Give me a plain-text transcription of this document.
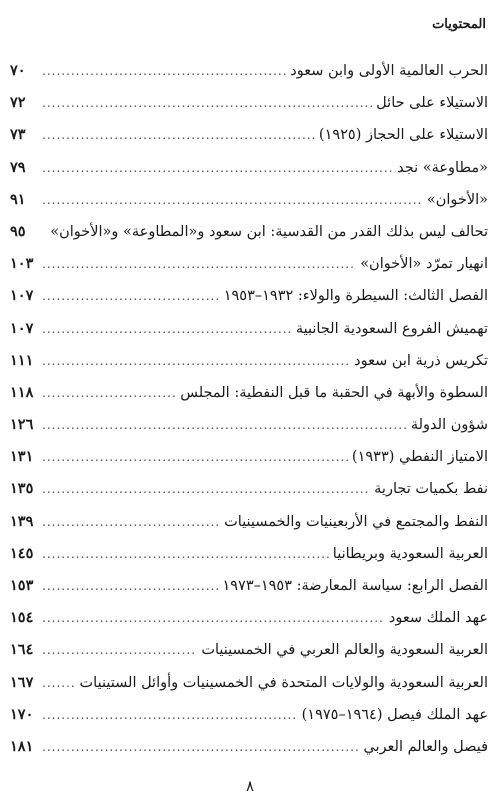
المحتويات
الحرب العالمية الأولى وابن سعود
.....
٧٠
الاستيلاء على حائل
.....
٧٢
الاستيلاء على الحجاز (١٩٢٥)
.....
٧٣
«مطاوعة» نجد
.....
٧٩
«الأخوان»
.....
٩١
تحالف ليس بذلك القدر من القدسية: ابن سعود و«المطاوعة» و«الأخوان»
٩٥
انهيار تمرّد «الأخوان»
.....
١٠٣
الفصل الثالث: السيطرة والولاء: ١٩٣٢–١٩٥٣
.....
١٠٧
تهميش الفروع السعودية الجانبية
.....
١٠٧
تكريس ذرية ابن سعود
.....
١١١
السطوة والأبهة في الحقبة ما قبل النفطية: المجلس
.....
١١٨
شؤون الدولة
.....
١٢٦
الامتياز النفطي (١٩٣٣)
.....
١٣١
نفط بكميات تجارية
.....
١٣٥
النفط والمجتمع في الأربعينيات والخمسينيات
.....
١٣٩
العربية السعودية وبريطانيا
.....
١٤٥
الفصل الرابع: سياسة المعارضة: ١٩٥٣–١٩٧٣
.....
١٥٣
عهد الملك سعود
.....
١٥٤
العربية السعودية والعالم العربي في الخمسينيات
.....
١٦٤
العربية السعودية والولايات المتحدة في الخمسينيات وأوائل الستينيات
.....
١٦٧
عهد الملك فيصل (١٩٦٤–١٩٧٥)
.....
١٧٠
فيصل والعالم العربي
.....
١٨١
٨
